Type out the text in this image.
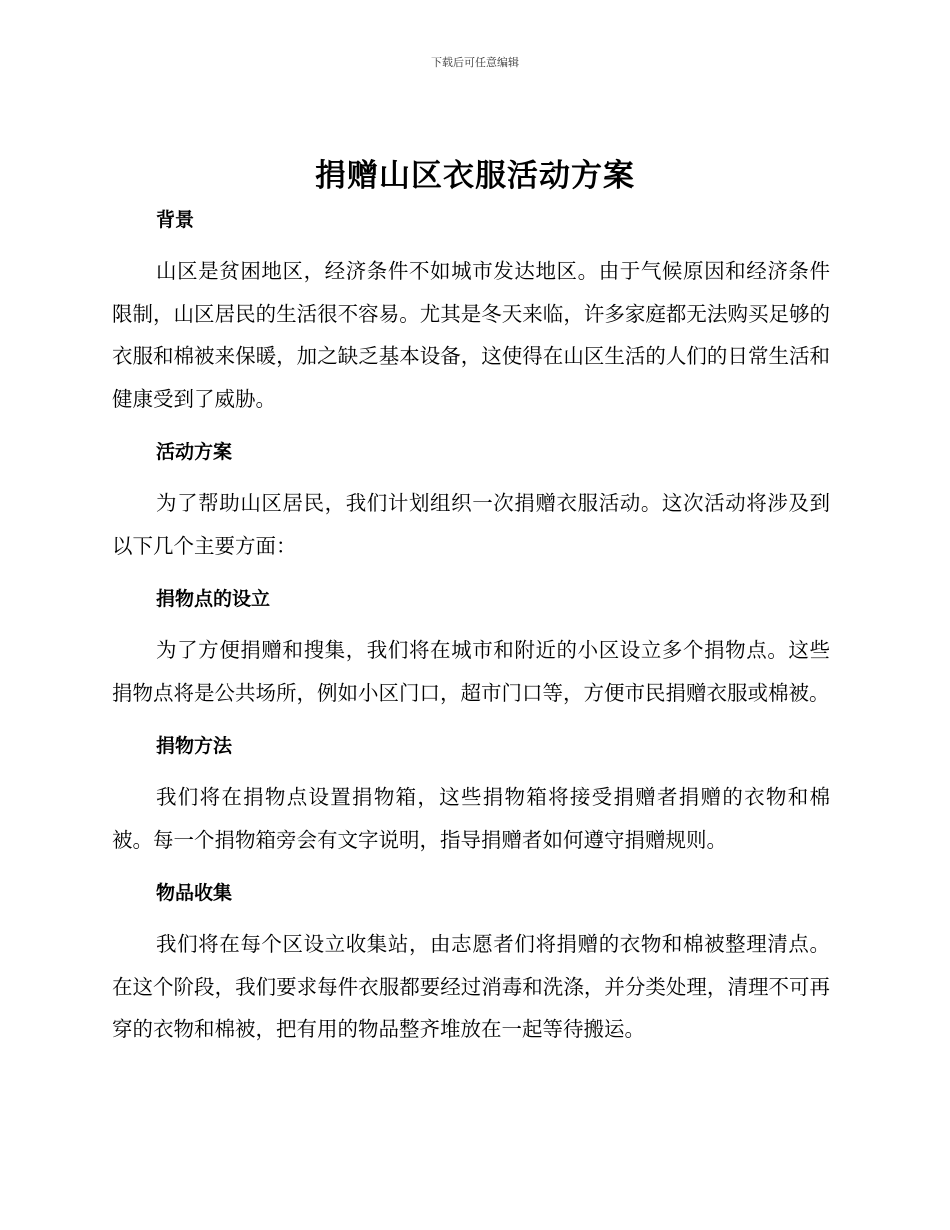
下载后可任意编辑
捐赠山区衣服活动方案

背景

山区是贫困地区，经济条件不如城市发达地区。由于气候原因和经济条件限制，山区居民的生活很不容易。尤其是冬天来临，许多家庭都无法购买足够的衣服和棉被来保暖，加之缺乏基本设备，这使得在山区生活的人们的日常生活和健康受到了威胁。

活动方案

为了帮助山区居民，我们计划组织一次捐赠衣服活动。这次活动将涉及到以下几个主要方面：

捐物点的设立

为了方便捐赠和搜集，我们将在城市和附近的小区设立多个捐物点。这些捐物点将是公共场所，例如小区门口，超市门口等，方便市民捐赠衣服或棉被。

捐物方法

我们将在捐物点设置捐物箱，这些捐物箱将接受捐赠者捐赠的衣物和棉被。每一个捐物箱旁会有文字说明，指导捐赠者如何遵守捐赠规则。

物品收集

我们将在每个区设立收集站，由志愿者们将捐赠的衣物和棉被整理清点。在这个阶段，我们要求每件衣服都要经过消毒和洗涤，并分类处理，清理不可再穿的衣物和棉被，把有用的物品整齐堆放在一起等待搬运。
